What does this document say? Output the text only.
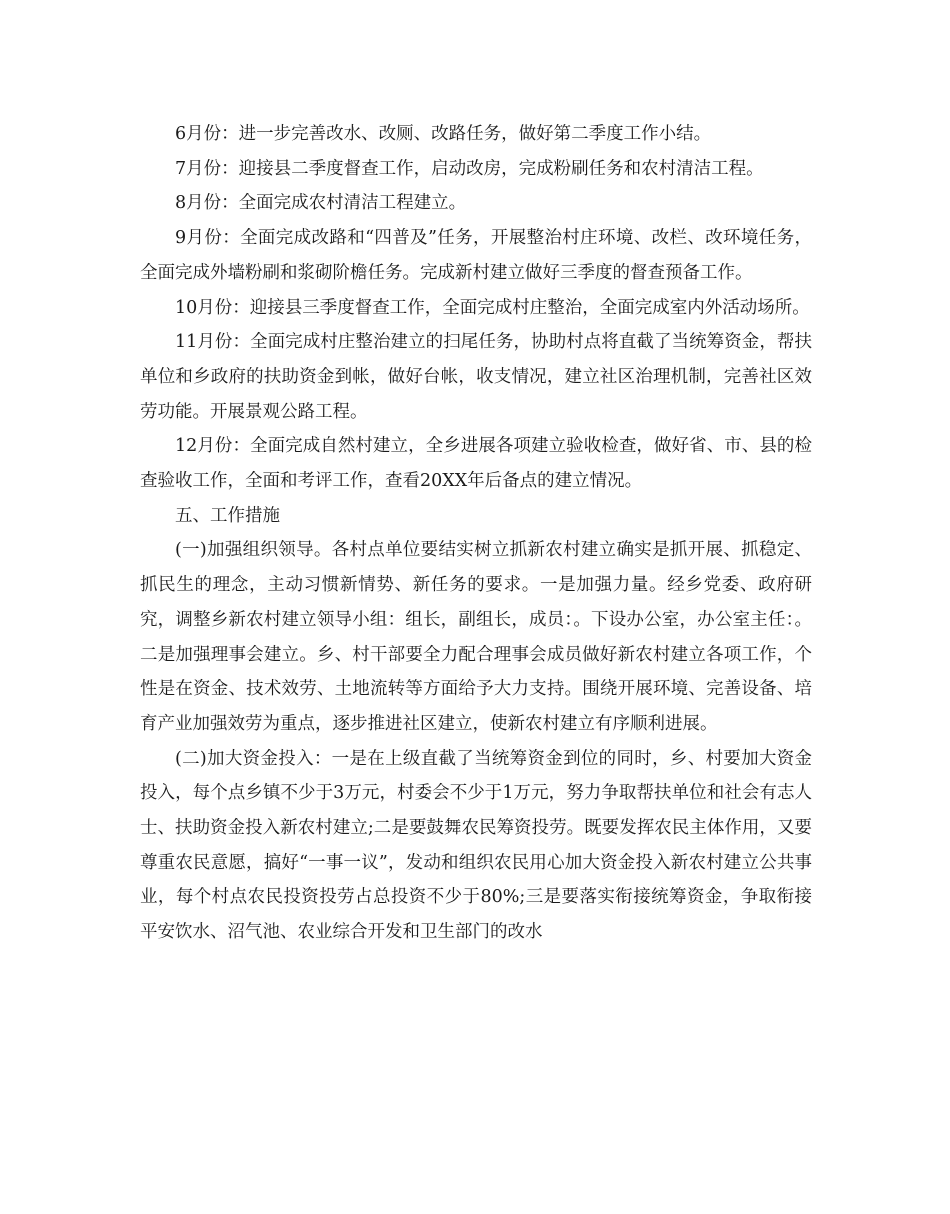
6月份：进一步完善改水、改厕、改路任务，做好第二季度工作小结。

7月份：迎接县二季度督查工作，启动改房，完成粉刷任务和农村清洁工程。

8月份：全面完成农村清洁工程建立。

9月份：全面完成改路和“四普及”任务，开展整治村庄环境、改栏、改环境任务，全面完成外墙粉刷和浆砌阶檐任务。完成新村建立做好三季度的督查预备工作。

10月份：迎接县三季度督查工作，全面完成村庄整治，全面完成室内外活动场所。

11月份：全面完成村庄整治建立的扫尾任务，协助村点将直截了当统筹资金，帮扶单位和乡政府的扶助资金到帐，做好台帐，收支情况，建立社区治理机制，完善社区效劳功能。开展景观公路工程。

12月份：全面完成自然村建立，全乡进展各项建立验收检查，做好省、市、县的检查验收工作，全面和考评工作，查看20XX年后备点的建立情况。

五、工作措施

(一)加强组织领导。各村点单位要结实树立抓新农村建立确实是抓开展、抓稳定、抓民生的理念，主动习惯新情势、新任务的要求。一是加强力量。经乡党委、政府研究，调整乡新农村建立领导小组：组长，副组长，成员：。下设办公室，办公室主任：。二是加强理事会建立。乡、村干部要全力配合理事会成员做好新农村建立各项工作，个性是在资金、技术效劳、土地流转等方面给予大力支持。围绕开展环境、完善设备、培育产业加强效劳为重点，逐步推进社区建立，使新农村建立有序顺利进展。

(二)加大资金投入：一是在上级直截了当统筹资金到位的同时，乡、村要加大资金投入，每个点乡镇不少于3万元，村委会不少于1万元，努力争取帮扶单位和社会有志人士、扶助资金投入新农村建立;二是要鼓舞农民筹资投劳。既要发挥农民主体作用，又要尊重农民意愿，搞好“一事一议”，发动和组织农民用心加大资金投入新农村建立公共事业，每个村点农民投资投劳占总投资不少于80%;三是要落实衔接统筹资金，争取衔接平安饮水、沼气池、农业综合开发和卫生部门的改水
